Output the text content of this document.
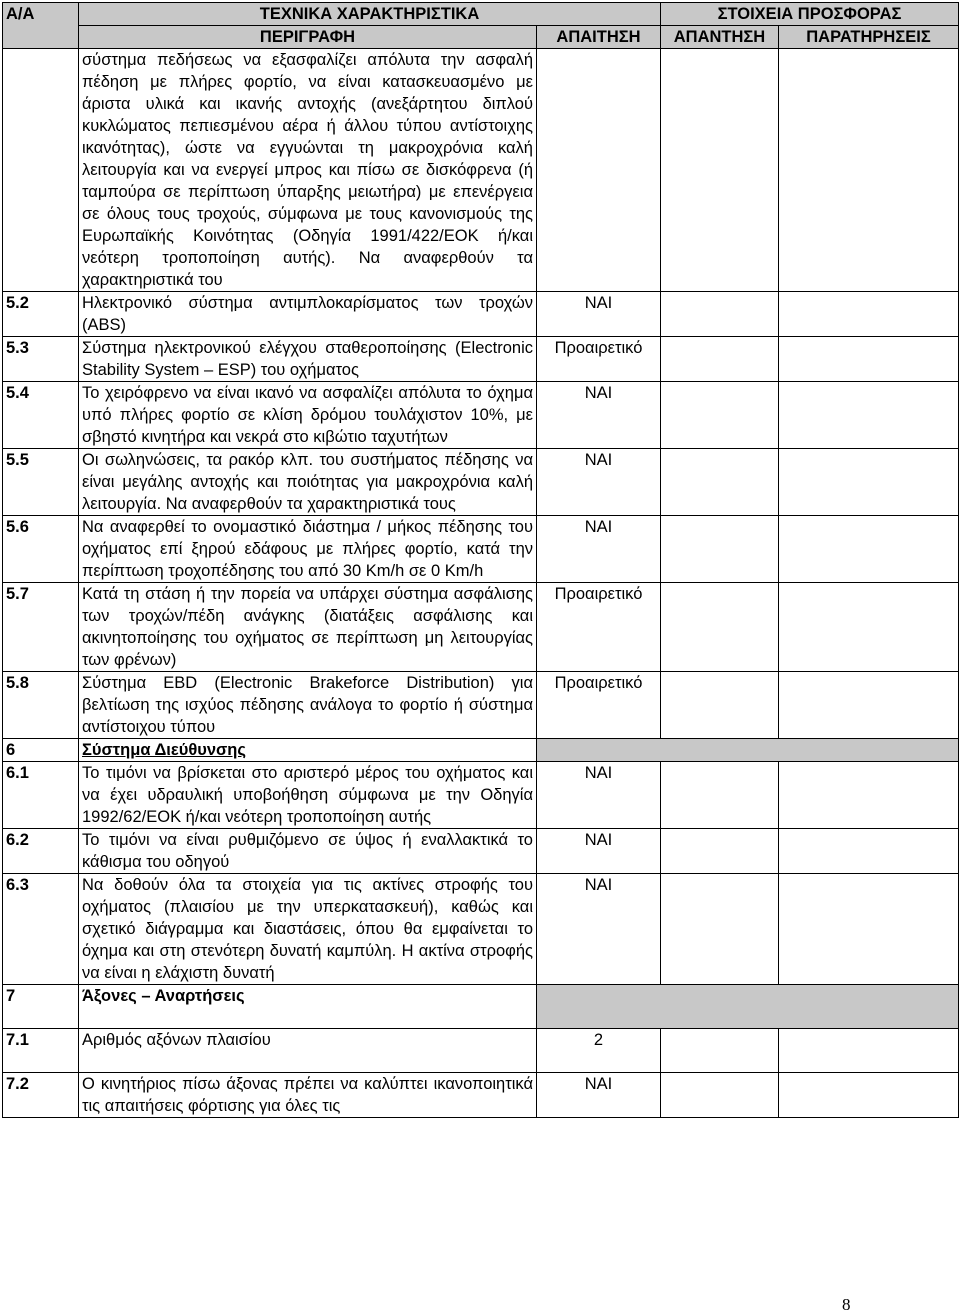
Α/Α	ΤΕΧΝΙΚΑ ΧΑΡΑΚΤΗΡΙΣΤΙΚΑ		ΣΤΟΙΧΕΙΑ ΠΡΟΣΦΟΡΑΣ	
	ΠΕΡΙΓΡΑΦΗ	ΑΠΑΙΤΗΣΗ	ΑΠΑΝΤΗΣΗ	ΠΑΡΑΤΗΡΗΣΕΙΣ
	σύστημα πεδήσεως να εξασφαλίζει απόλυτα την ασφαλή πέδηση με πλήρες φορτίο, να είναι κατασκευασμένο με άριστα υλικά και ικανής αντοχής (ανεξάρτητου διπλού κυκλώματος πεπιεσμένου αέρα ή άλλου τύπου αντίστοιχης ικανότητας), ώστε να εγγυώνται τη μακροχρόνια καλή λειτουργία και να ενεργεί μπρος και πίσω σε δισκόφρενα (ή ταμπούρα σε περίπτωση ύπαρξης μειωτήρα) με επενέργεια σε όλους τους τροχούς, σύμφωνα με τους κανονισμούς της Ευρωπαϊκής Κοινότητας (Οδηγία 1991/422/ΕΟΚ ή/και νεότερη τροποποίηση αυτής). Να αναφερθούν τα χαρακτηριστικά του			
5.2	Ηλεκτρονικό σύστημα αντιμπλοκαρίσματος των τροχών (ABS)	ΝΑΙ		
5.3	Σύστημα ηλεκτρονικού ελέγχου σταθεροποίησης (Electronic Stability System – ESP) του οχήματος	Προαιρετικό		
5.4	Το χειρόφρενο να είναι ικανό να ασφαλίζει απόλυτα το όχημα υπό πλήρες φορτίο σε κλίση δρόμου τουλάχιστον 10%, με σβηστό κινητήρα και νεκρά στο κιβώτιο ταχυτήτων	ΝΑΙ		
5.5	Οι σωληνώσεις, τα ρακόρ κλπ. του συστήματος πέδησης να είναι μεγάλης αντοχής και ποιότητας για μακροχρόνια καλή λειτουργία. Να αναφερθούν τα χαρακτηριστικά τους	ΝΑΙ		
5.6	Να αναφερθεί το ονομαστικό διάστημα / μήκος πέδησης του οχήματος επί ξηρού εδάφους με πλήρες φορτίο, κατά την περίπτωση τροχοπέδησης του από 30 Km/h σε 0 Km/h	ΝΑΙ		
5.7	Κατά τη στάση ή την πορεία να υπάρχει σύστημα ασφάλισης των τροχών/πέδη ανάγκης (διατάξεις ασφάλισης και ακινητοποίησης του οχήματος σε περίπτωση μη λειτουργίας των φρένων)	Προαιρετικό		
5.8	Σύστημα EBD (Electronic Brakeforce Distribution) για βελτίωση της ισχύος πέδησης ανάλογα το φορτίο ή σύστημα αντίστοιχου τύπου	Προαιρετικό		
6	Σύστημα Διεύθυνσης			
6.1	Το τιμόνι να βρίσκεται στο αριστερό μέρος του οχήματος και να έχει υδραυλική υποβοήθηση σύμφωνα με την Οδηγία 1992/62/ΕΟΚ ή/και νεότερη τροποποίηση αυτής	ΝΑΙ		
6.2	Το τιμόνι να είναι ρυθμιζόμενο σε ύψος ή εναλλακτικά το κάθισμα του οδηγού	ΝΑΙ		
6.3	Να δοθούν όλα τα στοιχεία για τις ακτίνες στροφής του οχήματος (πλαισίου με την υπερκατασκευή), καθώς και σχετικό διάγραμμα και διαστάσεις, όπου θα εμφαίνεται το όχημα και στη στενότερη δυνατή καμπύλη. Η ακτίνα στροφής να είναι η ελάχιστη δυνατή	ΝΑΙ		
7	Άξονες – Αναρτήσεις			
7.1	Αριθμός αξόνων πλαισίου	2		
7.2	Ο κινητήριος πίσω άξονας πρέπει να καλύπτει ικανοποιητικά τις απαιτήσεις φόρτισης για όλες τις	ΝΑΙ		
8
